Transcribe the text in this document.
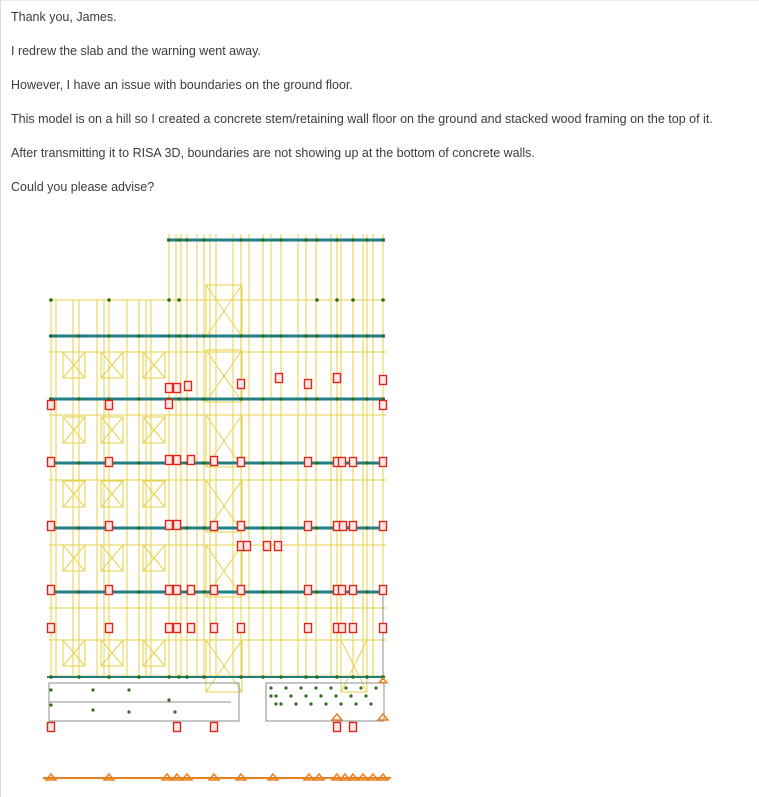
Thank you, James.

I redrew the slab and the warning went away.

However, I have an issue with boundaries on the ground floor.

This model is on a hill so I created a concrete stem/retaining wall floor on the ground and stacked wood framing on the top of it.

After transmitting it to RISA 3D, boundaries are not showing up at the bottom of concrete walls.

Could you please advise?
